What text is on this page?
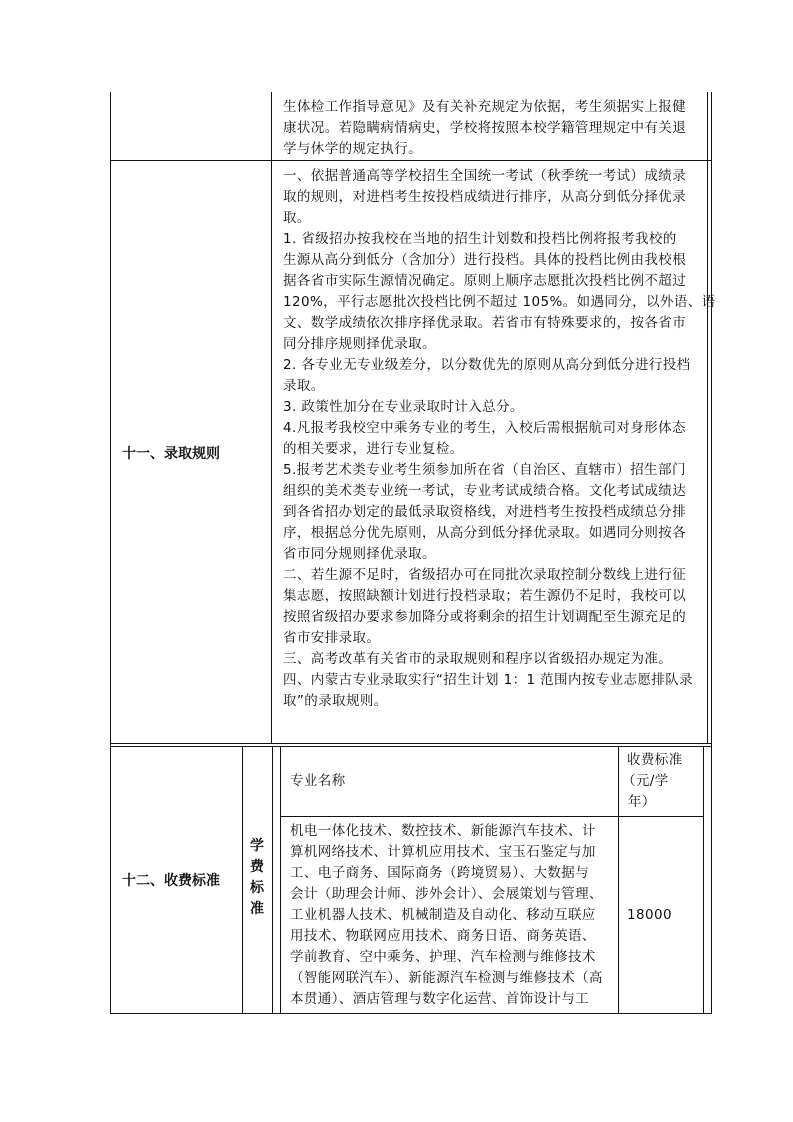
生体检工作指导意见》及有关补充规定为依据，考生须据实上报健
康状况。若隐瞒病情病史，学校将按照本校学籍管理规定中有关退
学与休学的规定执行。
十一、录取规则
一、依据普通高等学校招生全国统一考试（秋季统一考试）成绩录
取的规则，对进档考生按投档成绩进行排序，从高分到低分择优录
取。
1. 省级招办按我校在当地的招生计划数和投档比例将报考我校的
生源从高分到低分（含加分）进行投档。具体的投档比例由我校根
据各省市实际生源情况确定。原则上顺序志愿批次投档比例不超过
120%，平行志愿批次投档比例不超过 105%。如遇同分，以外语、语
文、数学成绩依次排序择优录取。若省市有特殊要求的，按各省市
同分排序规则择优录取。
2. 各专业无专业级差分，以分数优先的原则从高分到低分进行投档
录取。
3. 政策性加分在专业录取时计入总分。
4.凡报考我校空中乘务专业的考生，入校后需根据航司对身形体态
的相关要求，进行专业复检。
5.报考艺术类专业考生须参加所在省（自治区、直辖市）招生部门
组织的美术类专业统一考试，专业考试成绩合格。文化考试成绩达
到各省招办划定的最低录取资格线，对进档考生按投档成绩总分排
序，根据总分优先原则，从高分到低分择优录取。如遇同分则按各
省市同分规则择优录取。
二、若生源不足时，省级招办可在同批次录取控制分数线上进行征
集志愿，按照缺额计划进行投档录取；若生源仍不足时，我校可以
按照省级招办要求参加降分或将剩余的招生计划调配至生源充足的
省市安排录取。
三、高考改革有关省市的录取规则和程序以省级招办规定为准。
四、内蒙古专业录取实行“招生计划 1：1 范围内按专业志愿排队录
取”的录取规则。
十二、收费标准
学
费
标
准
专业名称
收费标准
（元/学
年）
机电一体化技术、数控技术、新能源汽车技术、计
算机网络技术、计算机应用技术、宝玉石鉴定与加
工、电子商务、国际商务（跨境贸易）、大数据与
会计（助理会计师、涉外会计）、会展策划与管理、
工业机器人技术、机械制造及自动化、移动互联应
用技术、物联网应用技术、商务日语、商务英语、
学前教育、空中乘务、护理、汽车检测与维修技术
（智能网联汽车）、新能源汽车检测与维修技术（高
本贯通）、酒店管理与数字化运营、首饰设计与工
18000
